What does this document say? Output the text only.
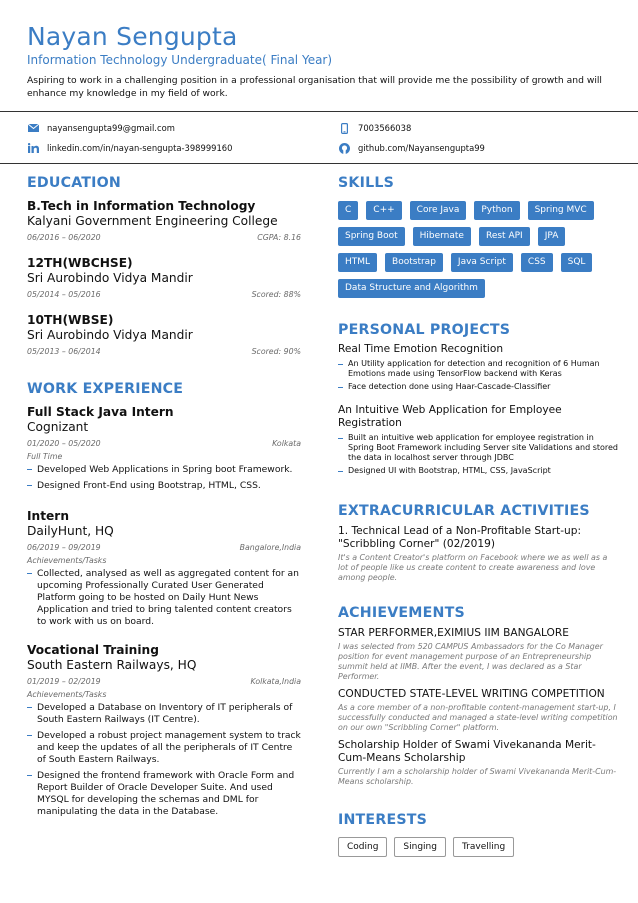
Nayan Sengupta
Information Technology Undergraduate( Final Year)
Aspiring to work in a challenging position in a professional organisation that will provide me the possibility of growth and will enhance my knowledge in my field of work.
nayansengupta99@gmail.com	7003566038
linkedin.com/in/nayan-sengupta-398999160	github.com/Nayansengupta99
EDUCATION
B.Tech in Information Technology
Kalyani Government Engineering College
06/2016 – 06/2020	CGPA: 8.16
12TH(WBCHSE)
Sri Aurobindo Vidya Mandir
05/2014 – 05/2016	Scored: 88%
10TH(WBSE)
Sri Aurobindo Vidya Mandir
05/2013 – 06/2014	Scored: 90%
WORK EXPERIENCE
Full Stack Java Intern
Cognizant
01/2020 – 05/2020	Kolkata
Full Time
Developed Web Applications in Spring boot Framework.
Designed Front-End using Bootstrap, HTML, CSS.
Intern
DailyHunt, HQ
06/2019 – 09/2019	Bangalore,India
Achievements/Tasks
Collected, analysed as well as aggregated content for an upcoming Professionally Curated User Generated Platform going to be hosted on Daily Hunt News Application and tried to bring talented content creators to work with us on board.
Vocational Training
South Eastern Railways, HQ
01/2019 – 02/2019	Kolkata,India
Achievements/Tasks
Developed a Database on Inventory of IT peripherals of South Eastern Railways (IT Centre).
Developed a robust project management system to track and keep the updates of all the peripherals of IT Centre of South Eastern Railways.
Designed the frontend framework with Oracle Form and Report Builder of Oracle Developer Suite. And used MYSQL for developing the schemas and DML for manipulating the data in the Database.
SKILLS
C	C++	Core Java	Python	Spring MVC
Spring Boot	Hibernate	Rest API	JPA
HTML	Bootstrap	Java Script	CSS	SQL
Data Structure and Algorithm
PERSONAL PROJECTS
Real Time Emotion Recognition
An Utility application for detection and recognition of 6 Human Emotions made using TensorFlow backend with Keras
Face detection done using Haar-Cascade-Classifier
An Intuitive Web Application for Employee Registration
Built an intuitive web application for employee registration in Spring Boot Framework including Server site Validations and stored the data in localhost server through JDBC
Designed UI with Bootstrap, HTML, CSS, JavaScript
EXTRACURRICULAR ACTIVITIES
1. Technical Lead of a Non-Profitable Start-up: "Scribbling Corner" (02/2019)
It's a Content Creator's platform on Facebook where we as well as a lot of people like us create content to create awareness and love among people.
ACHIEVEMENTS
STAR PERFORMER,EXIMIUS IIM BANGALORE
I was selected from 520 CAMPUS Ambassadors for the Co Manager position for event management purpose of an Entrepreneurship summit held at IIMB. After the event, I was declared as a Star Performer.
CONDUCTED STATE-LEVEL WRITING COMPETITION
As a core member of a non-profitable content-management start-up, I successfully conducted and managed a state-level writing competition on our own "Scribbling Corner" platform.
Scholarship Holder of Swami Vivekananda Merit-Cum-Means Scholarship
Currently I am a scholarship holder of Swami Vivekananda Merit-Cum-Means scholarship.
INTERESTS
Coding	Singing	Travelling
